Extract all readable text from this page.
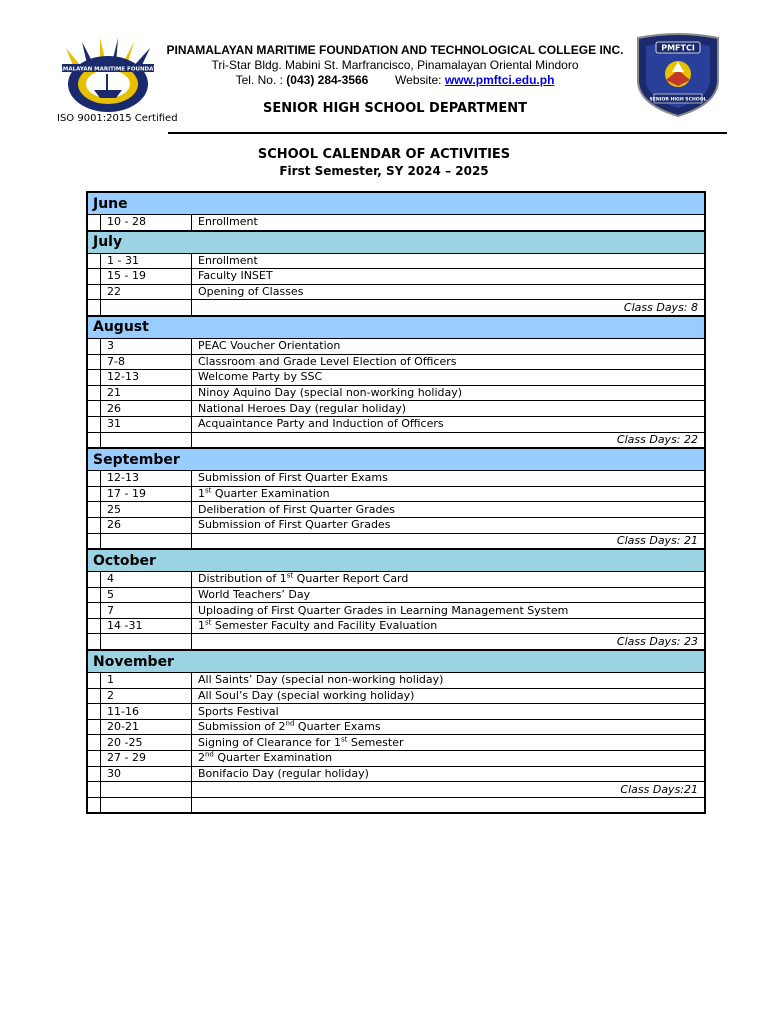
PINAMALAYAN MARITIME FOUNDATION
PMFTCI
SENIOR HIGH SCHOOL
ISO 9001:2015 Certified
PINAMALAYAN MARITIME FOUNDATION AND TECHNOLOGICAL COLLEGE INC.
Tri-Star Bldg. Mabini St. Marfrancisco, Pinamalayan Oriental Mindoro
Tel. No. : (043) 284-3566 Website: www.pmftci.edu.ph
SENIOR HIGH SCHOOL DEPARTMENT
SCHOOL CALENDAR OF ACTIVITIES
First Semester, SY 2024 – 2025
June		
	10 - 28	Enrollment
July		
	1 - 31	Enrollment
	15 - 19	Faculty INSET
	22	Opening of Classes
		Class Days: 8
August		
	3	PEAC Voucher Orientation
	7-8	Classroom and Grade Level Election of Officers
	12-13	Welcome Party by SSC
	21	Ninoy Aquino Day (special non-working holiday)
	26	National Heroes Day (regular holiday)
	31	Acquaintance Party and Induction of Officers
		Class Days: 22
September		
	12-13	Submission of First Quarter Exams
	17 - 19	1st Quarter Examination
	25	Deliberation of First Quarter Grades
	26	Submission of First Quarter Grades
		Class Days: 21
October		
	4	Distribution of 1st Quarter Report Card
	5	World Teachers’ Day
	7	Uploading of First Quarter Grades in Learning Management System
	14 -31	1st Semester Faculty and Facility Evaluation
		Class Days: 23
November		
	1	All Saints’ Day (special non-working holiday)
	2	All Soul’s Day (special working holiday)
	11-16	Sports Festival
	20-21	Submission of 2nd Quarter Exams
	20 -25	Signing of Clearance for 1st Semester
	27 - 29	2nd Quarter Examination
	30	Bonifacio Day (regular holiday)
		Class Days:21
